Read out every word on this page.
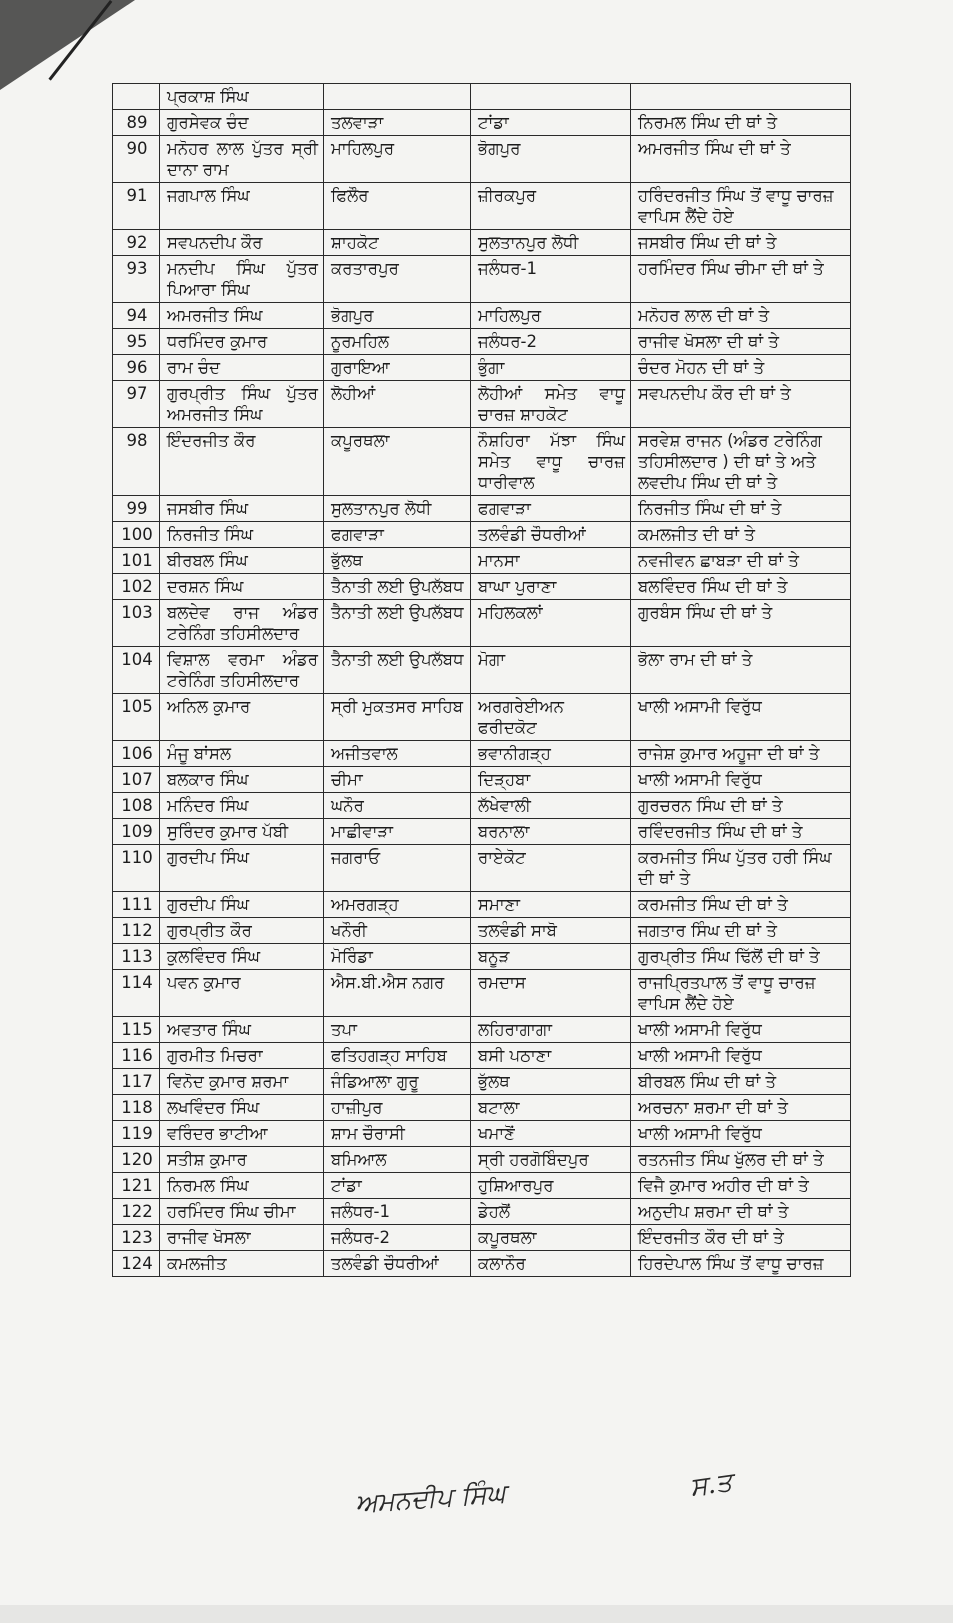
	ਪ੍ਰਕਾਸ਼ ਸਿੰਘ			
89	ਗੁਰਸੇਵਕ ਚੰਦ	ਤਲਵਾੜਾ	ਟਾਂਡਾ	ਨਿਰਮਲ ਸਿੰਘ ਦੀ ਥਾਂ ਤੇ
90	ਮਨੋਹਰ ਲਾਲ ਪੁੱਤਰ ਸ੍ਰੀ ਦਾਨਾ ਰਾਮ	ਮਾਹਿਲਪੁਰ	ਭੋਗਪੁਰ	ਅਮਰਜੀਤ ਸਿੰਘ ਦੀ ਥਾਂ ਤੇ
91	ਜਗਪਾਲ ਸਿੰਘ	ਫਿਲੌਰ	ਜ਼ੀਰਕਪੁਰ	ਹਰਿੰਦਰਜੀਤ ਸਿੰਘ ਤੋਂ ਵਾਧੂ ਚਾਰਜ਼ ਵਾਪਿਸ ਲੈਂਦੇ ਹੋਏ
92	ਸਵਪਨਦੀਪ ਕੌਰ	ਸ਼ਾਹਕੋਟ	ਸੁਲਤਾਨਪੁਰ ਲੋਧੀ	ਜਸਬੀਰ ਸਿੰਘ ਦੀ ਥਾਂ ਤੇ
93	ਮਨਦੀਪ ਸਿੰਘ ਪੁੱਤਰ ਪਿਆਰਾ ਸਿੰਘ	ਕਰਤਾਰਪੁਰ	ਜਲੰਧਰ-1	ਹਰਮਿੰਦਰ ਸਿੰਘ ਚੀਮਾ ਦੀ ਥਾਂ ਤੇ
94	ਅਮਰਜੀਤ ਸਿੰਘ	ਭੋਗਪੁਰ	ਮਾਹਿਲਪੁਰ	ਮਨੋਹਰ ਲਾਲ ਦੀ ਥਾਂ ਤੇ
95	ਧਰਮਿੰਦਰ ਕੁਮਾਰ	ਨੂਰਮਹਿਲ	ਜਲੰਧਰ-2	ਰਾਜੀਵ ਖੋਸਲਾ ਦੀ ਥਾਂ ਤੇ
96	ਰਾਮ ਚੰਦ	ਗੁਰਾਇਆ	ਭੁੰਗਾ	ਚੰਦਰ ਮੋਹਨ ਦੀ ਥਾਂ ਤੇ
97	ਗੁਰਪ੍ਰੀਤ ਸਿੰਘ ਪੁੱਤਰ ਅਮਰਜੀਤ ਸਿੰਘ	ਲੋਹੀਆਂ	ਲੋਹੀਆਂ ਸਮੇਤ ਵਾਧੂ ਚਾਰਜ਼ ਸ਼ਾਹਕੋਟ	ਸਵਪਨਦੀਪ ਕੌਰ ਦੀ ਥਾਂ ਤੇ
98	ਇੰਦਰਜੀਤ ਕੌਰ	ਕਪੂਰਥਲਾ	ਨੌਸ਼ਹਿਰਾ ਮੱਝਾ ਸਿੰਘ ਸਮੇਤ ਵਾਧੂ ਚਾਰਜ਼ ਧਾਰੀਵਾਲ	ਸਰਵੇਸ਼ ਰਾਜਨ (ਅੰਡਰ ਟਰੇਨਿੰਗ ਤਹਿਸੀਲਦਾਰ ) ਦੀ ਥਾਂ ਤੇ ਅਤੇ ਲਵਦੀਪ ਸਿੰਘ ਦੀ ਥਾਂ ਤੇ
99	ਜਸਬੀਰ ਸਿੰਘ	ਸੁਲਤਾਨਪੁਰ ਲੋਧੀ	ਫਗਵਾੜਾ	ਨਿਰਜੀਤ ਸਿੰਘ ਦੀ ਥਾਂ ਤੇ
100	ਨਿਰਜੀਤ ਸਿੰਘ	ਫਗਵਾੜਾ	ਤਲਵੰਡੀ ਚੌਧਰੀਆਂ	ਕਮਲਜੀਤ ਦੀ ਥਾਂ ਤੇ
101	ਬੀਰਬਲ ਸਿੰਘ	ਭੁੱਲਥ	ਮਾਨਸਾ	ਨਵਜੀਵਨ ਛਾਬੜਾ ਦੀ ਥਾਂ ਤੇ
102	ਦਰਸ਼ਨ ਸਿੰਘ	ਤੈਨਾਤੀ ਲਈ ਉਪਲੱਬਧ	ਬਾਘਾ ਪੁਰਾਣਾ	ਬਲਵਿੰਦਰ ਸਿੰਘ ਦੀ ਥਾਂ ਤੇ
103	ਬਲਦੇਵ ਰਾਜ ਅੰਡਰ ਟਰੇਨਿੰਗ ਤਹਿਸੀਲਦਾਰ	ਤੈਨਾਤੀ ਲਈ ਉਪਲੱਬਧ	ਮਹਿਲਕਲਾਂ	ਗੁਰਬੰਸ ਸਿੰਘ ਦੀ ਥਾਂ ਤੇ
104	ਵਿਸ਼ਾਲ ਵਰਮਾ ਅੰਡਰ ਟਰੇਨਿੰਗ ਤਹਿਸੀਲਦਾਰ	ਤੈਨਾਤੀ ਲਈ ਉਪਲੱਬਧ	ਮੋਗਾ	ਭੋਲਾ ਰਾਮ ਦੀ ਥਾਂ ਤੇ
105	ਅਨਿਲ ਕੁਮਾਰ	ਸ੍ਰੀ ਮੁਕਤਸਰ ਸਾਹਿਬ	ਅਰਗਰੇਈਅਨ ਫਰੀਦਕੋਟ	ਖਾਲੀ ਅਸਾਮੀ ਵਿਰੁੱਧ
106	ਮੰਜੂ ਬਾਂਸਲ	ਅਜੀਤਵਾਲ	ਭਵਾਨੀਗੜ੍ਹ	ਰਾਜੇਸ਼ ਕੁਮਾਰ ਅਹੂਜਾ ਦੀ ਥਾਂ ਤੇ
107	ਬਲਕਾਰ ਸਿੰਘ	ਚੀਮਾ	ਦਿੜ੍ਹਬਾ	ਖਾਲੀ ਅਸਾਮੀ ਵਿਰੁੱਧ
108	ਮਨਿੰਦਰ ਸਿੰਘ	ਘਨੌਰ	ਲੱਖੇਵਾਲੀ	ਗੁਰਚਰਨ ਸਿੰਘ ਦੀ ਥਾਂ ਤੇ
109	ਸੁਰਿੰਦਰ ਕੁਮਾਰ ਪੱਬੀ	ਮਾਛੀਵਾੜਾ	ਬਰਨਾਲਾ	ਰਵਿੰਦਰਜੀਤ ਸਿੰਘ ਦੀ ਥਾਂ ਤੇ
110	ਗੁਰਦੀਪ ਸਿੰਘ	ਜਗਰਾਓ	ਰਾਏਕੋਟ	ਕਰਮਜੀਤ ਸਿੰਘ ਪੁੱਤਰ ਹਰੀ ਸਿੰਘ ਦੀ ਥਾਂ ਤੇ
111	ਗੁਰਦੀਪ ਸਿੰਘ	ਅਮਰਗੜ੍ਹ	ਸਮਾਣਾ	ਕਰਮਜੀਤ ਸਿੰਘ ਦੀ ਥਾਂ ਤੇ
112	ਗੁਰਪ੍ਰੀਤ ਕੌਰ	ਖਨੌਰੀ	ਤਲਵੰਡੀ ਸਾਬੋ	ਜਗਤਾਰ ਸਿੰਘ ਦੀ ਥਾਂ ਤੇ
113	ਕੁਲਵਿੰਦਰ ਸਿੰਘ	ਮੋਰਿੰਡਾ	ਬਨੂੜ	ਗੁਰਪ੍ਰੀਤ ਸਿੰਘ ਢਿੱਲੋਂ ਦੀ ਥਾਂ ਤੇ
114	ਪਵਨ ਕੁਮਾਰ	ਐਸ.ਬੀ.ਐਸ ਨਗਰ	ਰਮਦਾਸ	ਰਾਜਪ੍ਰਿਤਪਾਲ ਤੋਂ ਵਾਧੂ ਚਾਰਜ਼ ਵਾਪਿਸ ਲੈਂਦੇ ਹੋਏ
115	ਅਵਤਾਰ ਸਿੰਘ	ਤਪਾ	ਲਹਿਰਾਗਾਗਾ	ਖਾਲੀ ਅਸਾਮੀ ਵਿਰੁੱਧ
116	ਗੁਰਮੀਤ ਮਿਚਰਾ	ਫਤਿਹਗੜ੍ਹ ਸਾਹਿਬ	ਬਸੀ ਪਠਾਣਾ	ਖਾਲੀ ਅਸਾਮੀ ਵਿਰੁੱਧ
117	ਵਿਨੋਦ ਕੁਮਾਰ ਸ਼ਰਮਾ	ਜੰਡਿਆਲਾ ਗੁਰੂ	ਭੁੱਲਥ	ਬੀਰਬਲ ਸਿੰਘ ਦੀ ਥਾਂ ਤੇ
118	ਲਖਵਿੰਦਰ ਸਿੰਘ	ਹਾਜ਼ੀਪੁਰ	ਬਟਾਲਾ	ਅਰਚਨਾ ਸ਼ਰਮਾ ਦੀ ਥਾਂ ਤੇ
119	ਵਰਿੰਦਰ ਭਾਟੀਆ	ਸ਼ਾਮ ਚੌਰਾਸੀ	ਖਮਾਣੋਂ	ਖਾਲੀ ਅਸਾਮੀ ਵਿਰੁੱਧ
120	ਸਤੀਸ਼ ਕੁਮਾਰ	ਬਮਿਆਲ	ਸ੍ਰੀ ਹਰਗੋਬਿੰਦਪੁਰ	ਰਤਨਜੀਤ ਸਿੰਘ ਖੁੱਲਰ ਦੀ ਥਾਂ ਤੇ
121	ਨਿਰਮਲ ਸਿੰਘ	ਟਾਂਡਾ	ਹੁਸ਼ਿਆਰਪੁਰ	ਵਿਜੈ ਕੁਮਾਰ ਅਹੀਰ ਦੀ ਥਾਂ ਤੇ
122	ਹਰਮਿੰਦਰ ਸਿੰਘ ਚੀਮਾ	ਜਲੰਧਰ-1	ਡੇਹਲੋਂ	ਅਨੁਦੀਪ ਸ਼ਰਮਾ ਦੀ ਥਾਂ ਤੇ
123	ਰਾਜੀਵ ਖੋਸਲਾ	ਜਲੰਧਰ-2	ਕਪੂਰਥਲਾ	ਇੰਦਰਜੀਤ ਕੌਰ ਦੀ ਥਾਂ ਤੇ
124	ਕਮਲਜੀਤ	ਤਲਵੰਡੀ ਚੌਧਰੀਆਂ	ਕਲਾਨੌਰ	ਹਿਰਦੇਪਾਲ ਸਿੰਘ ਤੋਂ ਵਾਧੂ ਚਾਰਜ਼
ਅਮਨਦੀਪ ਸਿੰਘ	ਸ.ਤ
